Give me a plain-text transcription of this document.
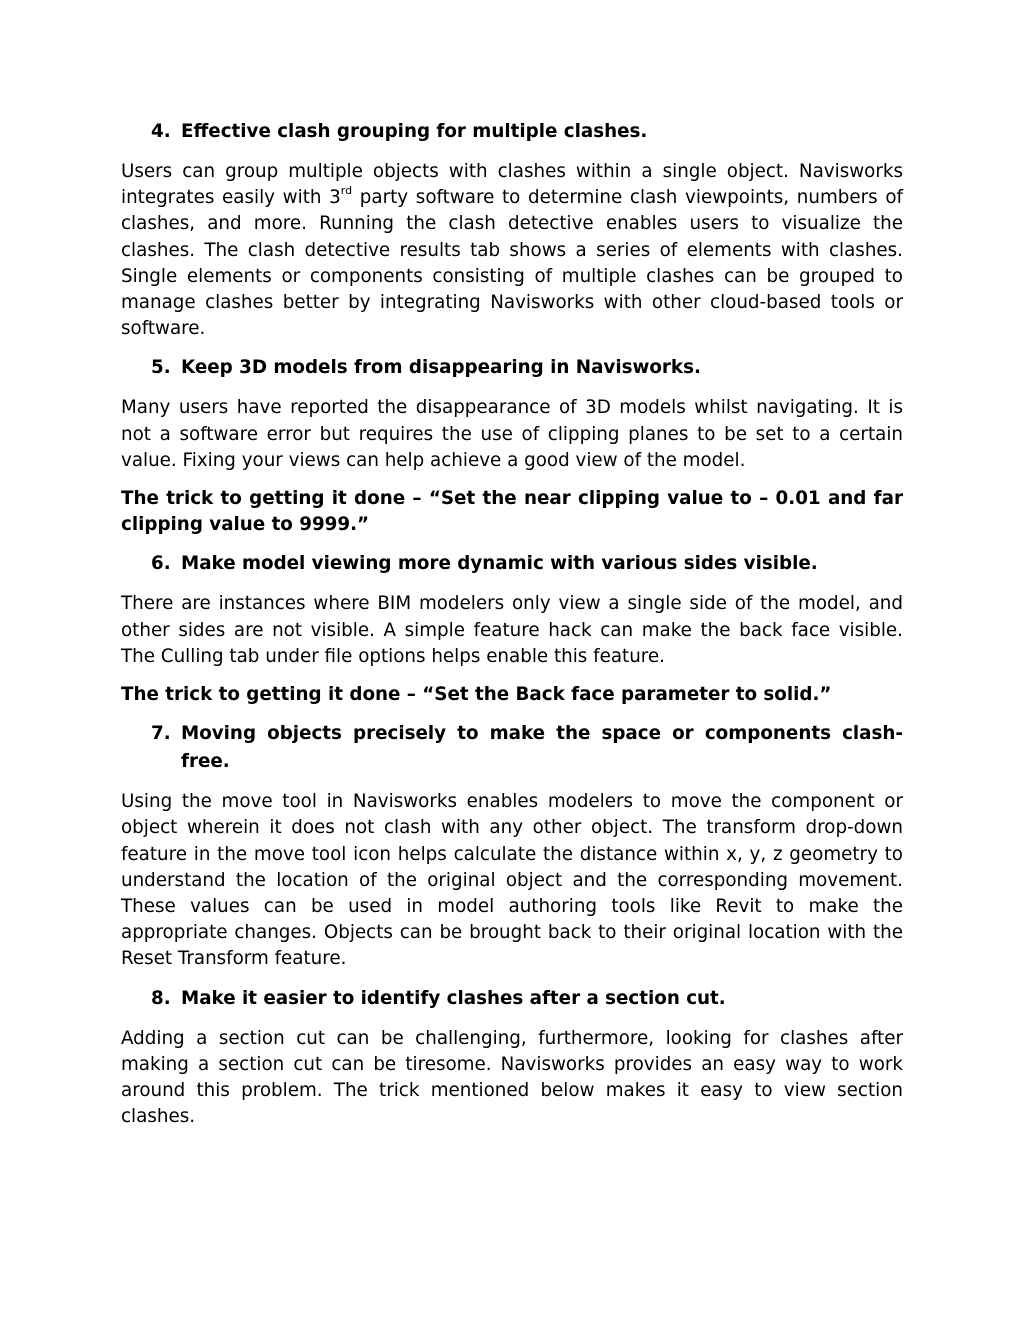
4. Effective clash grouping for multiple clashes.

Users can group multiple objects with clashes within a single object. Navisworks integrates easily with 3rd party software to determine clash viewpoints, numbers of clashes, and more. Running the clash detective enables users to visualize the clashes. The clash detective results tab shows a series of elements with clashes. Single elements or components consisting of multiple clashes can be grouped to manage clashes better by integrating Navisworks with other cloud-based tools or software.

5. Keep 3D models from disappearing in Navisworks.

Many users have reported the disappearance of 3D models whilst navigating. It is not a software error but requires the use of clipping planes to be set to a certain value. Fixing your views can help achieve a good view of the model.

The trick to getting it done – “Set the near clipping value to – 0.01 and far clipping value to 9999.”

6. Make model viewing more dynamic with various sides visible.

There are instances where BIM modelers only view a single side of the model, and other sides are not visible. A simple feature hack can make the back face visible. The Culling tab under file options helps enable this feature.

The trick to getting it done – “Set the Back face parameter to solid.”

7. Moving objects precisely to make the space or components clash-free.

Using the move tool in Navisworks enables modelers to move the component or object wherein it does not clash with any other object. The transform drop-down feature in the move tool icon helps calculate the distance within x, y, z geometry to understand the location of the original object and the corresponding movement. These values can be used in model authoring tools like Revit to make the appropriate changes. Objects can be brought back to their original location with the Reset Transform feature.

8. Make it easier to identify clashes after a section cut.

Adding a section cut can be challenging, furthermore, looking for clashes after making a section cut can be tiresome. Navisworks provides an easy way to work around this problem. The trick mentioned below makes it easy to view section clashes.
